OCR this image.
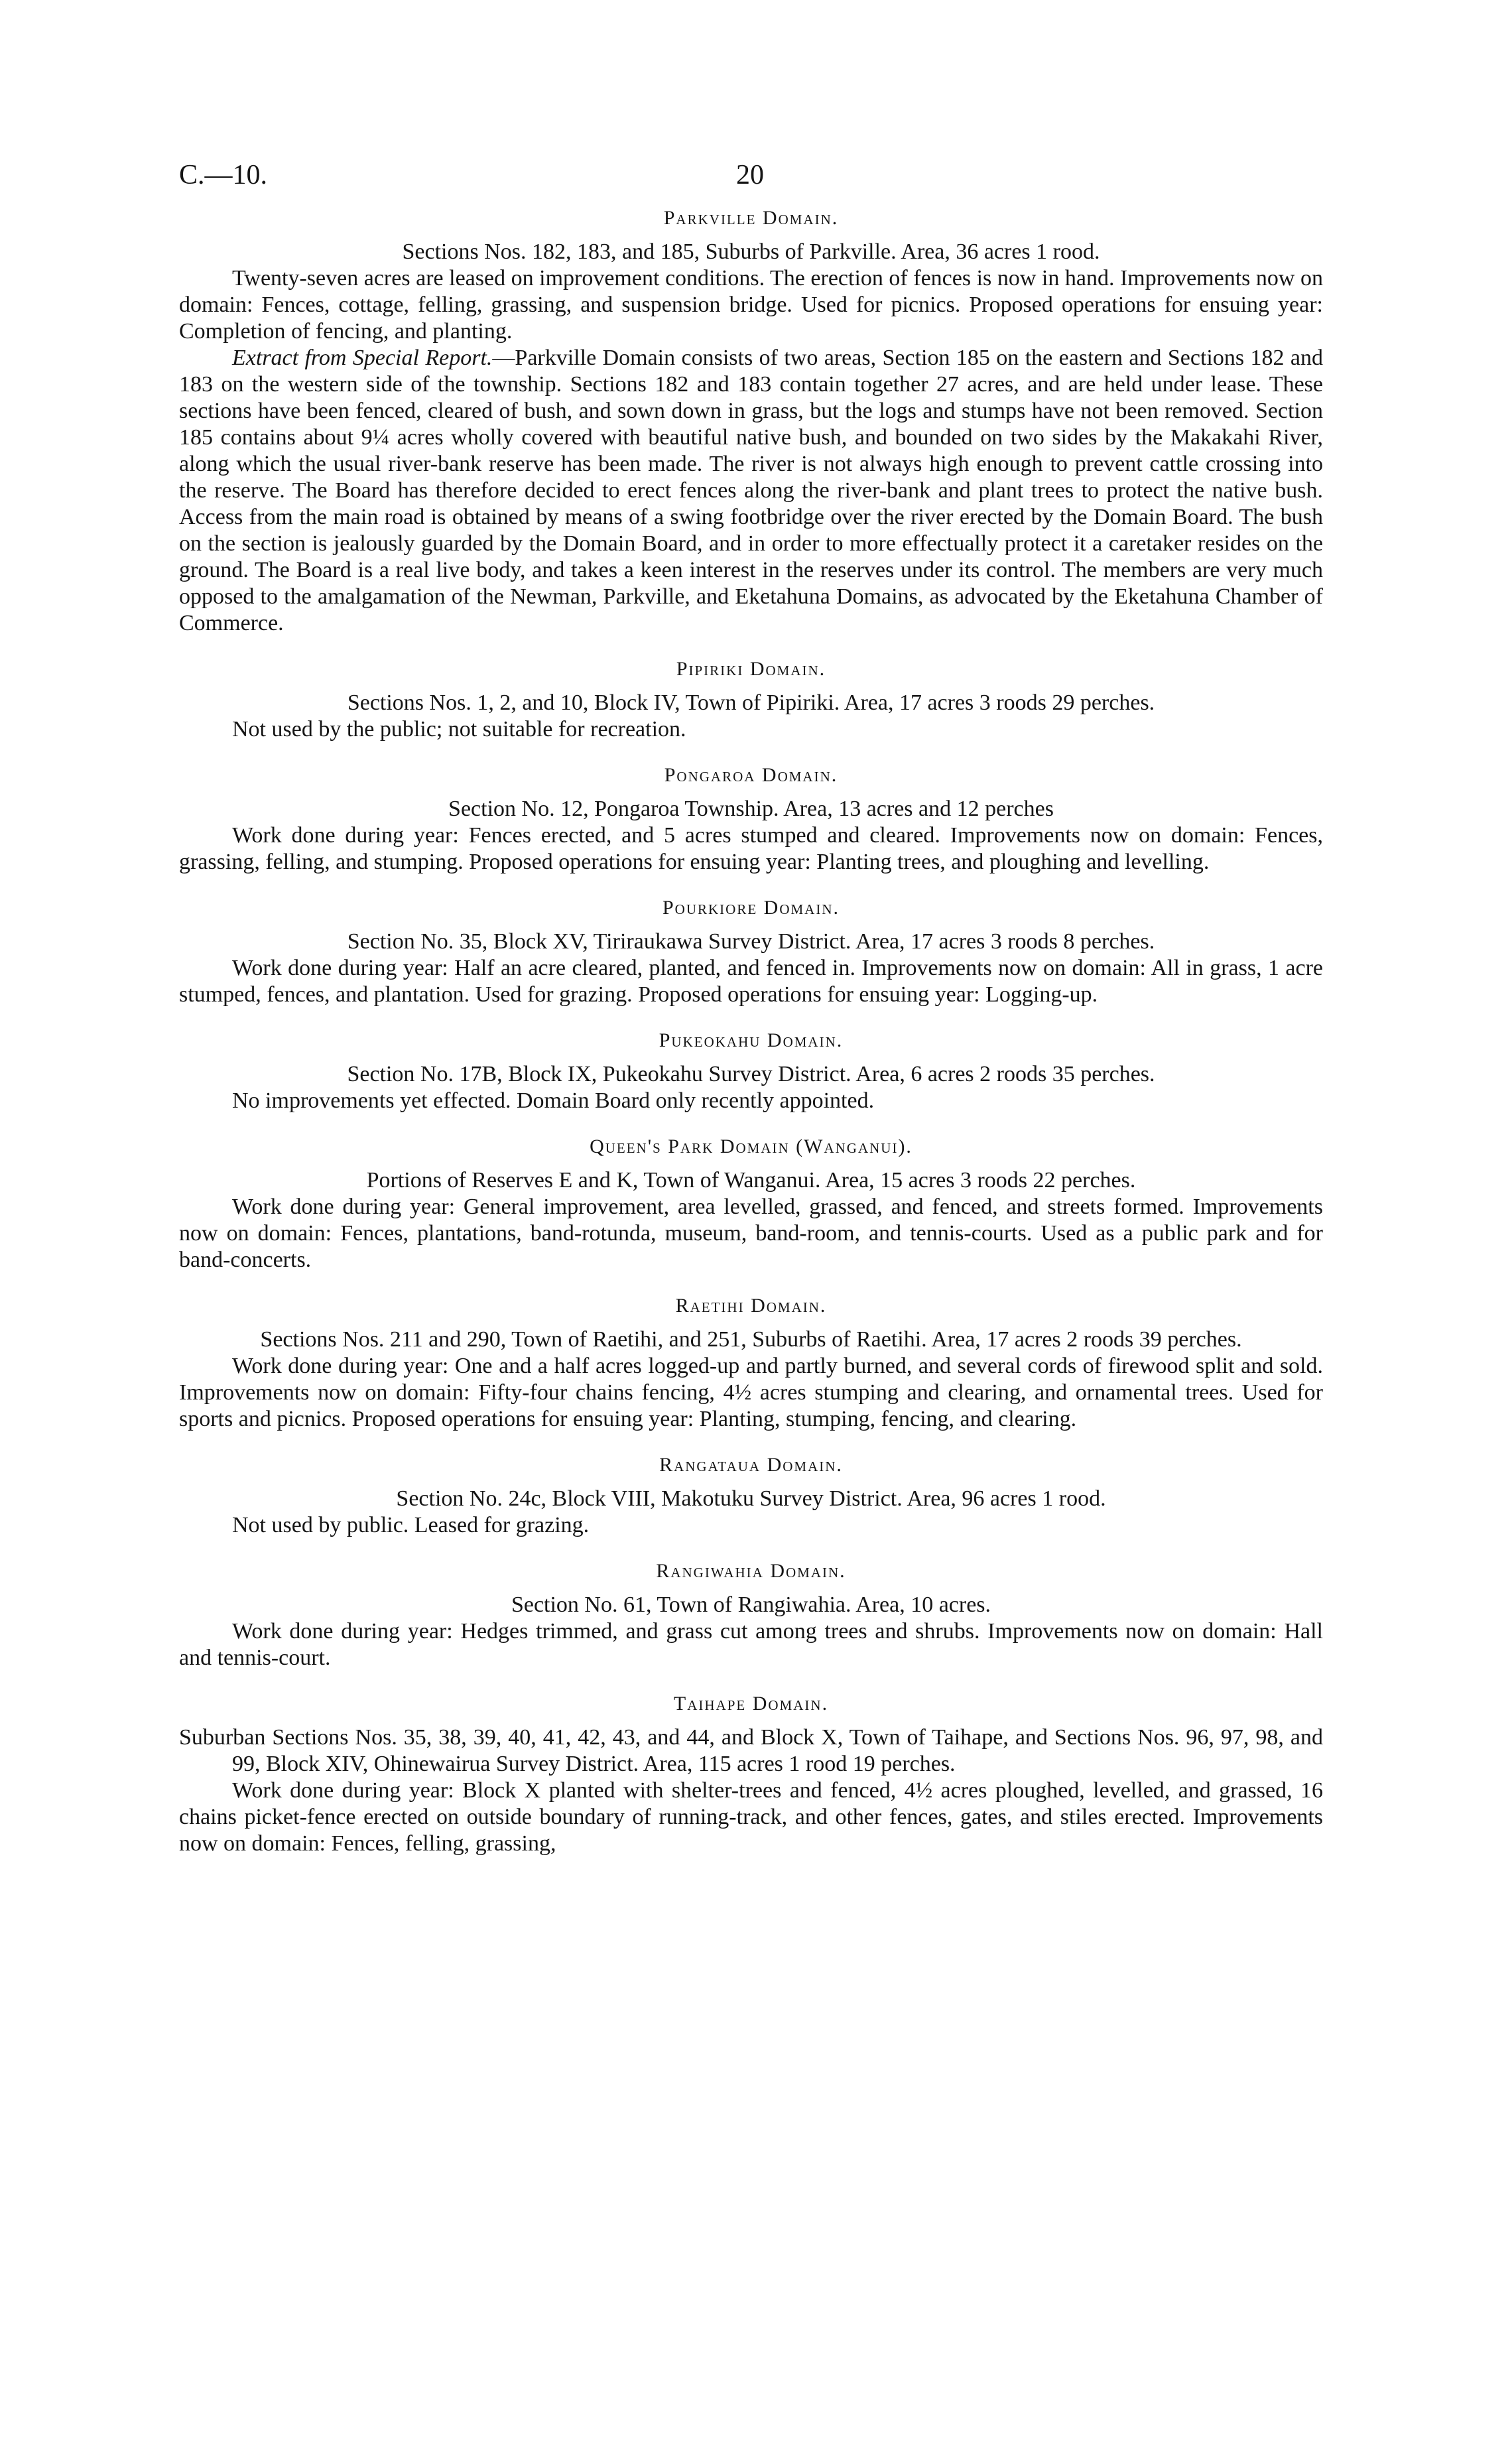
C.—10.	20
Parkville Domain.

Sections Nos. 182, 183, and 185, Suburbs of Parkville. Area, 36 acres 1 rood.

Twenty-seven acres are leased on improvement conditions. The erection of fences is now in hand. Improvements now on domain: Fences, cottage, felling, grassing, and suspension bridge. Used for picnics. Proposed operations for ensuing year: Completion of fencing, and planting.

Extract from Special Report.—Parkville Domain consists of two areas, Section 185 on the eastern and Sections 182 and 183 on the western side of the township. Sections 182 and 183 contain together 27 acres, and are held under lease. These sections have been fenced, cleared of bush, and sown down in grass, but the logs and stumps have not been removed. Section 185 contains about 9¼ acres wholly covered with beautiful native bush, and bounded on two sides by the Makakahi River, along which the usual river-bank reserve has been made. The river is not always high enough to prevent cattle crossing into the reserve. The Board has therefore decided to erect fences along the river-bank and plant trees to protect the native bush. Access from the main road is obtained by means of a swing footbridge over the river erected by the Domain Board. The bush on the section is jealously guarded by the Domain Board, and in order to more effectually protect it a caretaker resides on the ground. The Board is a real live body, and takes a keen interest in the reserves under its control. The members are very much opposed to the amalgamation of the Newman, Parkville, and Eketahuna Domains, as advocated by the Eketahuna Chamber of Commerce.

Pipiriki Domain.

Sections Nos. 1, 2, and 10, Block IV, Town of Pipiriki. Area, 17 acres 3 roods 29 perches.

Not used by the public; not suitable for recreation.

Pongaroa Domain.

Section No. 12, Pongaroa Township. Area, 13 acres and 12 perches

Work done during year: Fences erected, and 5 acres stumped and cleared. Improvements now on domain: Fences, grassing, felling, and stumping. Proposed operations for ensuing year: Planting trees, and ploughing and levelling.

Pourkiore Domain.

Section No. 35, Block XV, Tiriraukawa Survey District. Area, 17 acres 3 roods 8 perches.

Work done during year: Half an acre cleared, planted, and fenced in. Improvements now on domain: All in grass, 1 acre stumped, fences, and plantation. Used for grazing. Proposed operations for ensuing year: Logging-up.

Pukeokahu Domain.

Section No. 17B, Block IX, Pukeokahu Survey District. Area, 6 acres 2 roods 35 perches.

No improvements yet effected. Domain Board only recently appointed.

Queen's Park Domain (Wanganui).

Portions of Reserves E and K, Town of Wanganui. Area, 15 acres 3 roods 22 perches.

Work done during year: General improvement, area levelled, grassed, and fenced, and streets formed. Improvements now on domain: Fences, plantations, band-rotunda, museum, band-room, and tennis-courts. Used as a public park and for band-concerts.

Raetihi Domain.

Sections Nos. 211 and 290, Town of Raetihi, and 251, Suburbs of Raetihi. Area, 17 acres 2 roods 39 perches.

Work done during year: One and a half acres logged-up and partly burned, and several cords of firewood split and sold. Improvements now on domain: Fifty-four chains fencing, 4½ acres stumping and clearing, and ornamental trees. Used for sports and picnics. Proposed operations for ensuing year: Planting, stumping, fencing, and clearing.

Rangataua Domain.

Section No. 24c, Block VIII, Makotuku Survey District. Area, 96 acres 1 rood.

Not used by public. Leased for grazing.

Rangiwahia Domain.

Section No. 61, Town of Rangiwahia. Area, 10 acres.

Work done during year: Hedges trimmed, and grass cut among trees and shrubs. Improvements now on domain: Hall and tennis-court.

Taihape Domain.

Suburban Sections Nos. 35, 38, 39, 40, 41, 42, 43, and 44, and Block X, Town of Taihape, and Sections Nos. 96, 97, 98, and 99, Block XIV, Ohinewairua Survey District. Area, 115 acres 1 rood 19 perches.

Work done during year: Block X planted with shelter-trees and fenced, 4½ acres ploughed, levelled, and grassed, 16 chains picket-fence erected on outside boundary of running-track, and other fences, gates, and stiles erected. Improvements now on domain: Fences, felling, grassing,
